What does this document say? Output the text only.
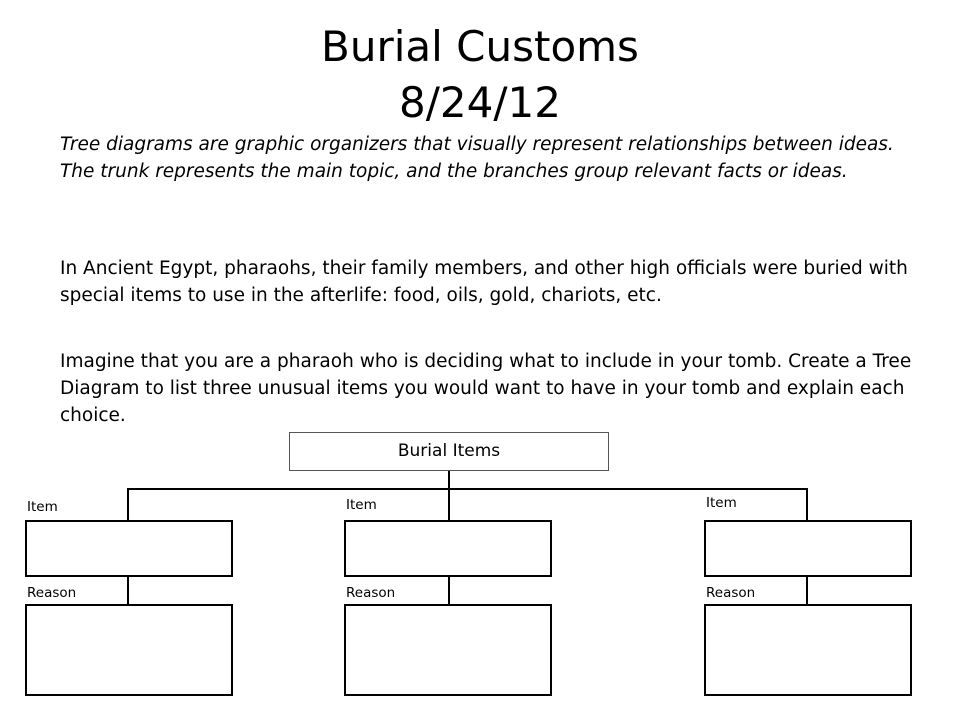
Burial Customs
8/24/12

Tree diagrams are graphic organizers that visually represent relationships between ideas. The trunk represents the main topic, and the branches group relevant facts or ideas.

In Ancient Egypt, pharaohs, their family members, and other high officials were buried with special items to use in the afterlife: food, oils, gold, chariots, etc.

Imagine that you are a pharaoh who is deciding what to include in your tomb. Create a Tree Diagram to list three unusual items you would want to have in your tomb and explain each choice.

Burial Items
Item	Item	Item
Reason	Reason	Reason
